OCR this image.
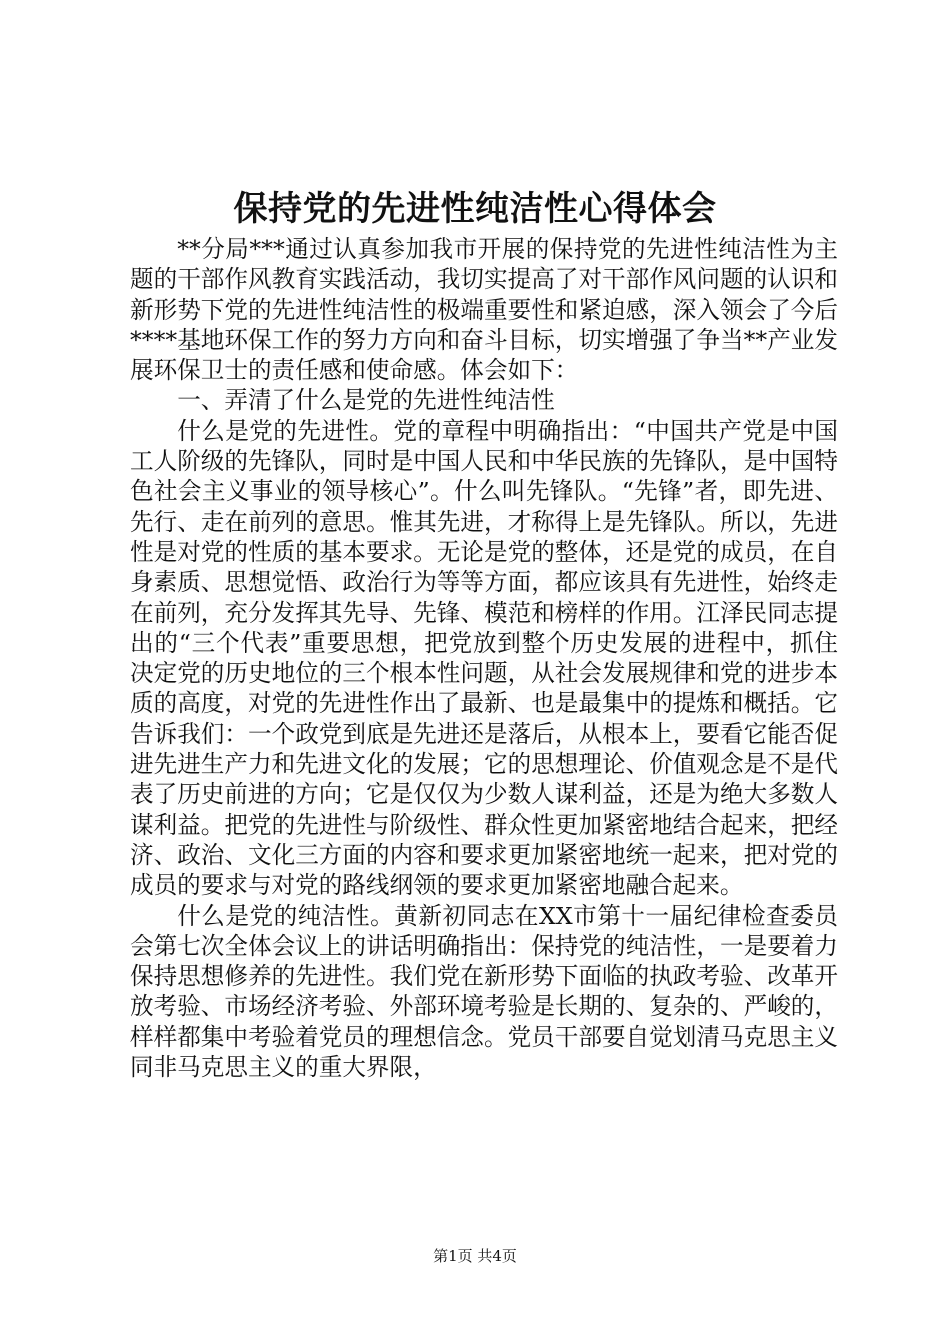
保持党的先进性纯洁性心得体会

**分局***通过认真参加我市开展的保持党的先进性纯洁性为主题的干部作风教育实践活动，我切实提高了对干部作风问题的认识和新形势下党的先进性纯洁性的极端重要性和紧迫感，深入领会了今后****基地环保工作的努力方向和奋斗目标，切实增强了争当**产业发展环保卫士的责任感和使命感。体会如下：

一、弄清了什么是党的先进性纯洁性

什么是党的先进性。党的章程中明确指出：“中国共产党是中国工人阶级的先锋队，同时是中国人民和中华民族的先锋队，是中国特色社会主义事业的领导核心”。什么叫先锋队。“先锋”者，即先进、先行、走在前列的意思。惟其先进，才称得上是先锋队。所以，先进性是对党的性质的基本要求。无论是党的整体，还是党的成员，在自身素质、思想觉悟、政治行为等等方面，都应该具有先进性，始终走在前列，充分发挥其先导、先锋、模范和榜样的作用。江泽民同志提出的“三个代表”重要思想，把党放到整个历史发展的进程中，抓住决定党的历史地位的三个根本性问题，从社会发展规律和党的进步本质的高度，对党的先进性作出了最新、也是最集中的提炼和概括。它告诉我们：一个政党到底是先进还是落后，从根本上，要看它能否促进先进生产力和先进文化的发展；它的思想理论、价值观念是不是代表了历史前进的方向；它是仅仅为少数人谋利益，还是为绝大多数人谋利益。把党的先进性与阶级性、群众性更加紧密地结合起来，把经济、政治、文化三方面的内容和要求更加紧密地统一起来，把对党的成员的要求与对党的路线纲领的要求更加紧密地融合起来。

什么是党的纯洁性。黄新初同志在XX市第十一届纪律检查委员会第七次全体会议上的讲话明确指出：保持党的纯洁性，一是要着力保持思想修养的先进性。我们党在新形势下面临的执政考验、改革开放考验、市场经济考验、外部环境考验是长期的、复杂的、严峻的，样样都集中考验着党员的理想信念。党员干部要自觉划清马克思主义同非马克思主义的重大界限，

第1页 共4页
